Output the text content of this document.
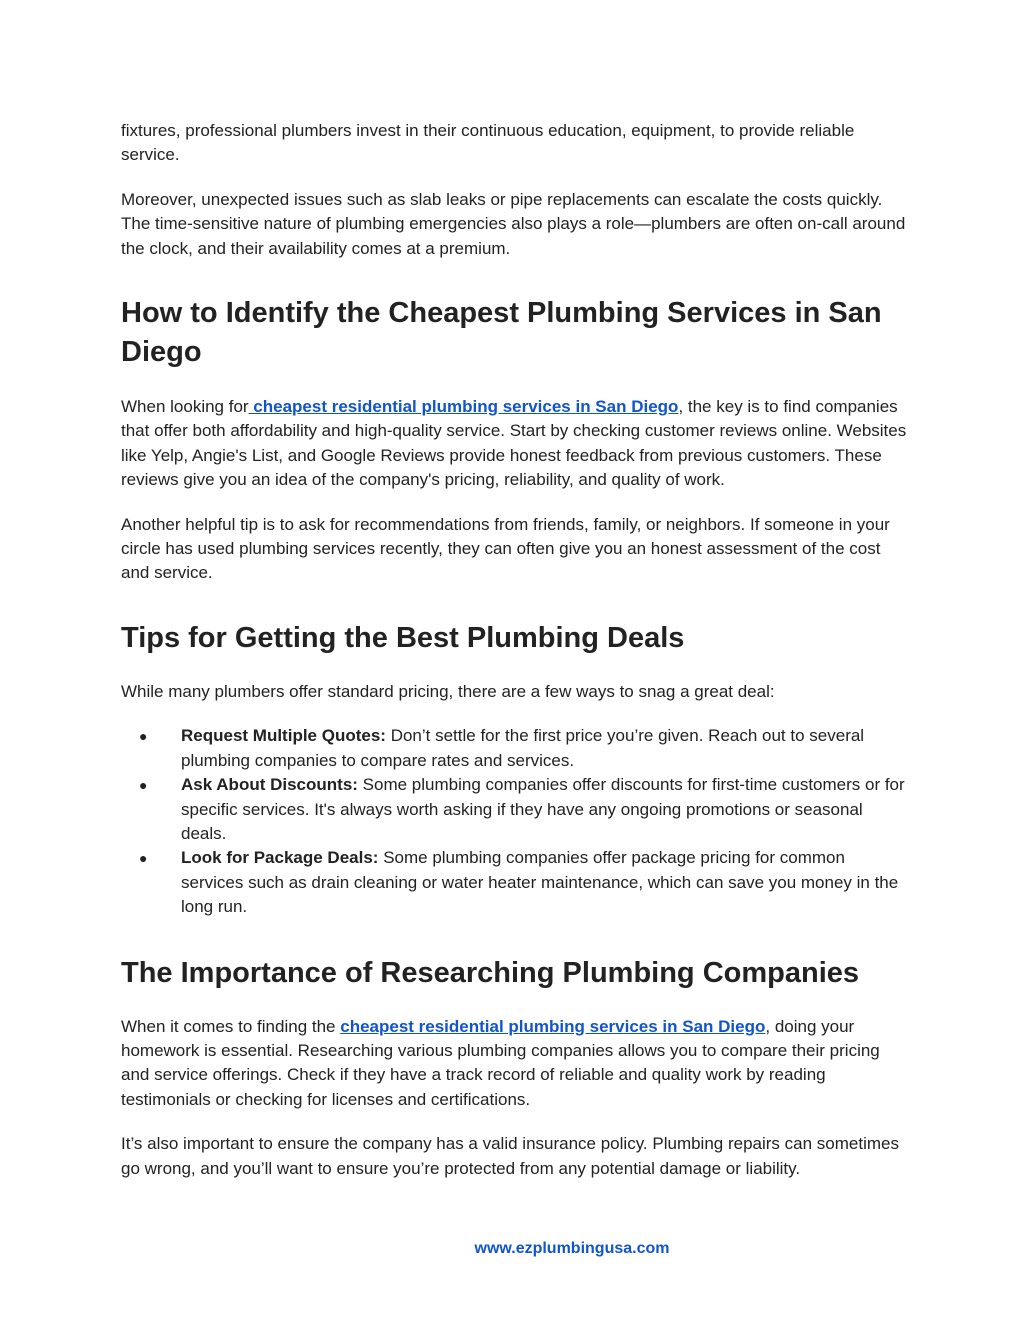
fixtures, professional plumbers invest in their continuous education, equipment, to provide reliable service.

Moreover, unexpected issues such as slab leaks or pipe replacements can escalate the costs quickly. The time-sensitive nature of plumbing emergencies also plays a role—plumbers are often on-call around the clock, and their availability comes at a premium.

How to Identify the Cheapest Plumbing Services in San Diego

When looking for cheapest residential plumbing services in San Diego, the key is to find companies that offer both affordability and high-quality service. Start by checking customer reviews online. Websites like Yelp, Angie's List, and Google Reviews provide honest feedback from previous customers. These reviews give you an idea of the company's pricing, reliability, and quality of work.

Another helpful tip is to ask for recommendations from friends, family, or neighbors. If someone in your circle has used plumbing services recently, they can often give you an honest assessment of the cost and service.

Tips for Getting the Best Plumbing Deals

While many plumbers offer standard pricing, there are a few ways to snag a great deal:

● Request Multiple Quotes: Don’t settle for the first price you’re given. Reach out to several plumbing companies to compare rates and services.
● Ask About Discounts: Some plumbing companies offer discounts for first-time customers or for specific services. It's always worth asking if they have any ongoing promotions or seasonal deals.
● Look for Package Deals: Some plumbing companies offer package pricing for common services such as drain cleaning or water heater maintenance, which can save you money in the long run.
The Importance of Researching Plumbing Companies

When it comes to finding the cheapest residential plumbing services in San Diego, doing your homework is essential. Researching various plumbing companies allows you to compare their pricing and service offerings. Check if they have a track record of reliable and quality work by reading testimonials or checking for licenses and certifications.

It’s also important to ensure the company has a valid insurance policy. Plumbing repairs can sometimes go wrong, and you’ll want to ensure you’re protected from any potential damage or liability.

www.ezplumbingusa.com
